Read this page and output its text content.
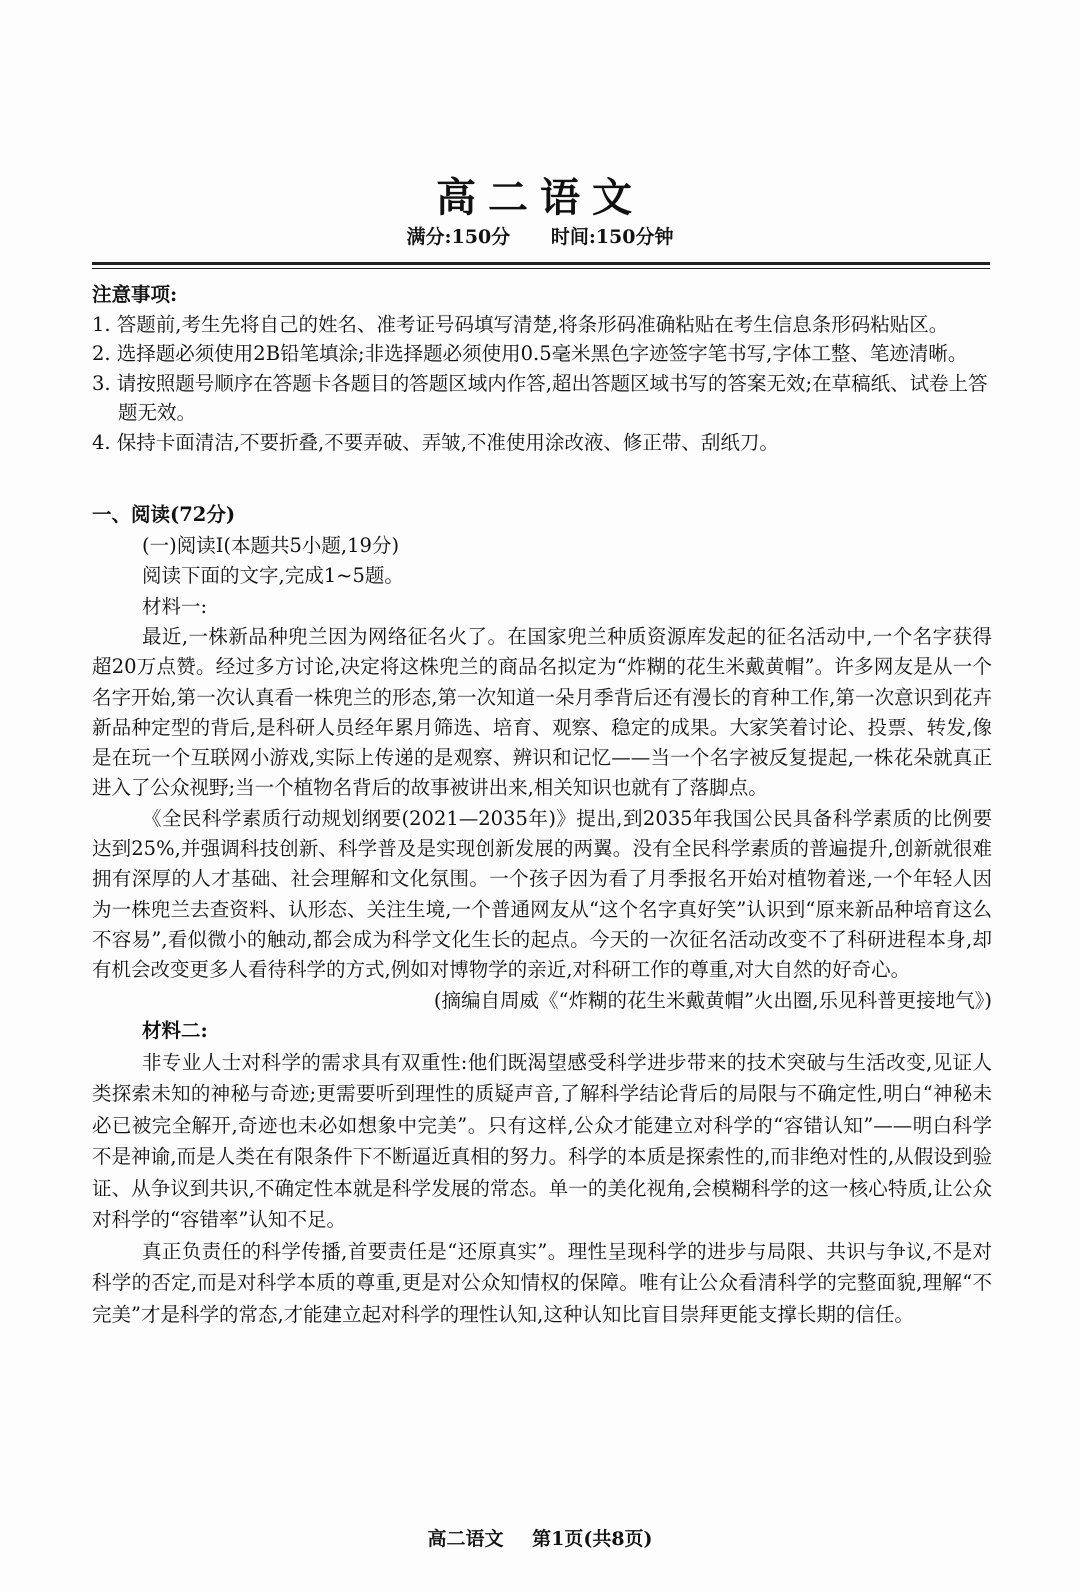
高二语文
满分:150分 时间:150分钟
注意事项:
1. 答题前,考生先将自己的姓名、准考证号码填写清楚,将条形码准确粘贴在考生信息条形码粘贴区。
2. 选择题必须使用2B铅笔填涂;非选择题必须使用0.5毫米黑色字迹签字笔书写,字体工整、笔迹清晰。
3. 请按照题号顺序在答题卡各题目的答题区域内作答,超出答题区域书写的答案无效;在草稿纸、试卷上答题无效。
4. 保持卡面清洁,不要折叠,不要弄破、弄皱,不准使用涂改液、修正带、刮纸刀。
一、阅读(72分)
(一)阅读Ⅰ(本题共5小题,19分)
阅读下面的文字,完成1~5题。
材料一:
最近,一株新品种兜兰因为网络征名火了。在国家兜兰种质资源库发起的征名活动中,一个名字获得超20万点赞。经过多方讨论,决定将这株兜兰的商品名拟定为“炸糊的花生米戴黄帽”。许多网友是从一个名字开始,第一次认真看一株兜兰的形态,第一次知道一朵月季背后还有漫长的育种工作,第一次意识到花卉新品种定型的背后,是科研人员经年累月筛选、培育、观察、稳定的成果。大家笑着讨论、投票、转发,像是在玩一个互联网小游戏,实际上传递的是观察、辨识和记忆——当一个名字被反复提起,一株花朵就真正进入了公众视野;当一个植物名背后的故事被讲出来,相关知识也就有了落脚点。
《全民科学素质行动规划纲要(2021—2035年)》提出,到2035年我国公民具备科学素质的比例要达到25%,并强调科技创新、科学普及是实现创新发展的两翼。没有全民科学素质的普遍提升,创新就很难拥有深厚的人才基础、社会理解和文化氛围。一个孩子因为看了月季报名开始对植物着迷,一个年轻人因为一株兜兰去查资料、认形态、关注生境,一个普通网友从“这个名字真好笑”认识到“原来新品种培育这么不容易”,看似微小的触动,都会成为科学文化生长的起点。今天的一次征名活动改变不了科研进程本身,却有机会改变更多人看待科学的方式,例如对博物学的亲近,对科研工作的尊重,对大自然的好奇心。
(摘编自周威《“炸糊的花生米戴黄帽”火出圈,乐见科普更接地气》)
材料二:
非专业人士对科学的需求具有双重性:他们既渴望感受科学进步带来的技术突破与生活改变,见证人类探索未知的神秘与奇迹;更需要听到理性的质疑声音,了解科学结论背后的局限与不确定性,明白“神秘未必已被完全解开,奇迹也未必如想象中完美”。只有这样,公众才能建立对科学的“容错认知”——明白科学不是神谕,而是人类在有限条件下不断逼近真相的努力。科学的本质是探索性的,而非绝对性的,从假设到验证、从争议到共识,不确定性本就是科学发展的常态。单一的美化视角,会模糊科学的这一核心特质,让公众对科学的“容错率”认知不足。
真正负责任的科学传播,首要责任是“还原真实”。理性呈现科学的进步与局限、共识与争议,不是对科学的否定,而是对科学本质的尊重,更是对公众知情权的保障。唯有让公众看清科学的完整面貌,理解“不完美”才是科学的常态,才能建立起对科学的理性认知,这种认知比盲目崇拜更能支撑长期的信任。
高二语文 第1页(共8页)
